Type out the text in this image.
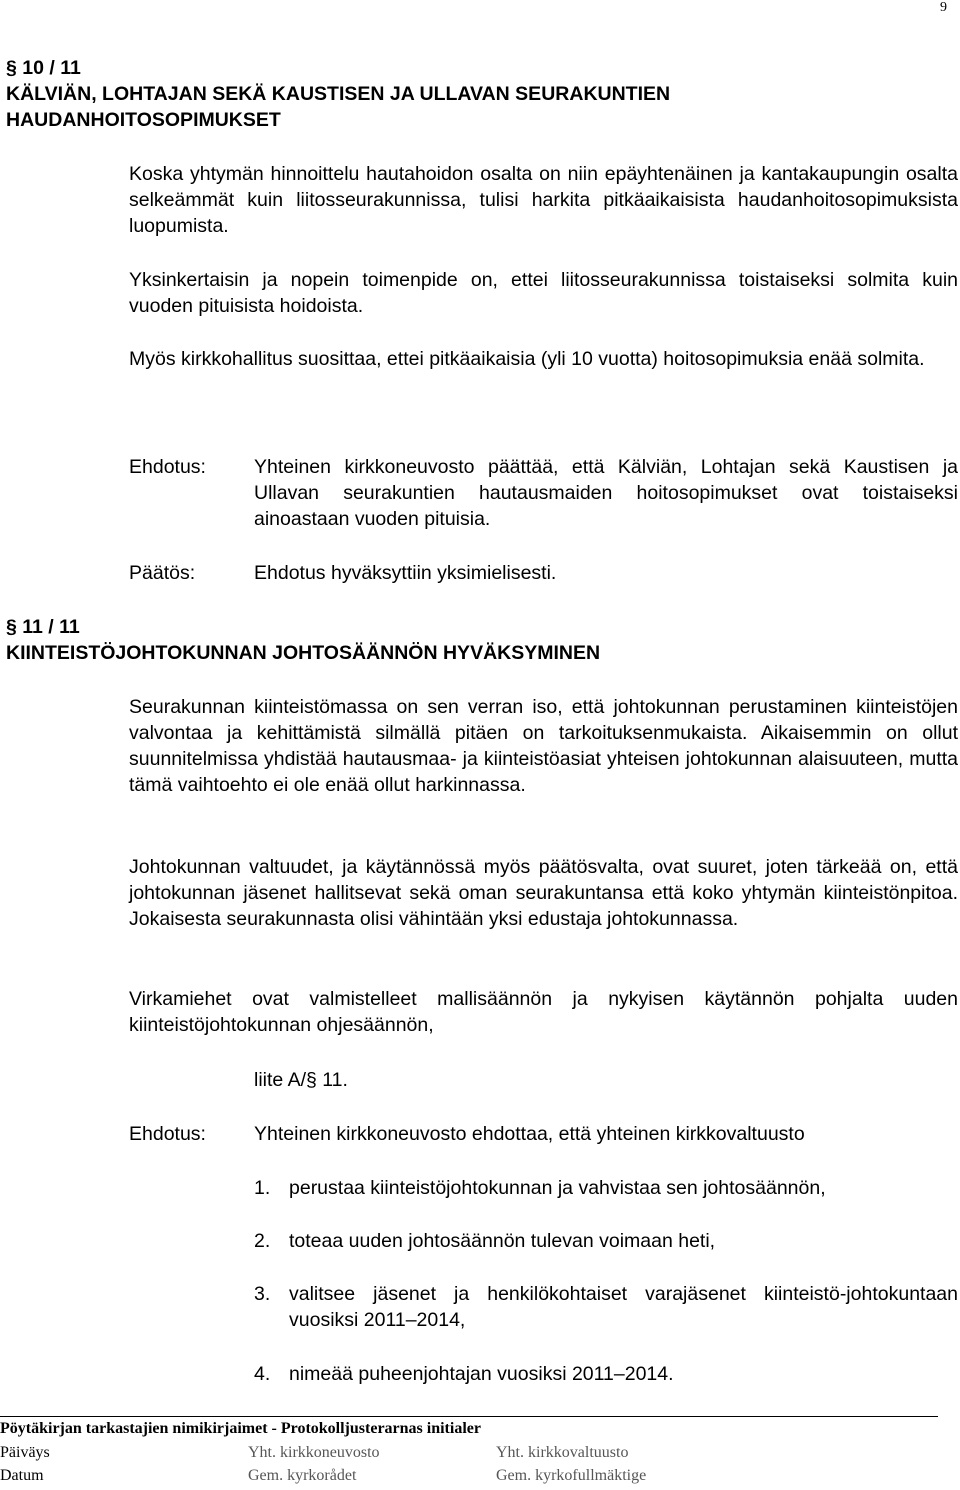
9
§ 10 / 11
KÄLVIÄN, LOHTAJAN SEKÄ KAUSTISEN JA ULLAVAN SEURAKUNTIEN
HAUDANHOITOSOPIMUKSET
Koska yhtymän hinnoittelu hautahoidon osalta on niin epäyhtenäinen ja kantakaupungin osalta selkeämmät kuin liitosseurakunnissa, tulisi harkita pitkäaikaisista haudanhoitosopimuksista luopumista.
Yksinkertaisin ja nopein toimenpide on, ettei liitosseurakunnissa toistaiseksi solmita kuin vuoden pituisista hoidoista.
Myös kirkkohallitus suosittaa, ettei pitkäaikaisia (yli 10 vuotta) hoitosopimuksia enää solmita.
Ehdotus: Yhteinen kirkkoneuvosto päättää, että Kälviän, Lohtajan sekä Kaustisen ja Ullavan seurakuntien hautausmaiden hoitosopimukset ovat toistaiseksi ainoastaan vuoden pituisia.
Päätös:	Ehdotus hyväksyttiin yksimielisesti.
§ 11 / 11
KIINTEISTÖJOHTOKUNNAN JOHTOSÄÄNNÖN HYVÄKSYMINEN
Seurakunnan kiinteistömassa on sen verran iso, että johtokunnan perustaminen kiinteistöjen valvontaa ja kehittämistä silmällä pitäen on tarkoituksenmukaista. Aikaisemmin on ollut suunnitelmissa yhdistää hautausmaa- ja kiinteistöasiat yhteisen johtokunnan alaisuuteen, mutta tämä vaihtoehto ei ole enää ollut harkinnassa.
Johtokunnan valtuudet, ja käytännössä myös päätösvalta, ovat suuret, joten tärkeää on, että johtokunnan jäsenet hallitsevat sekä oman seurakuntansa että koko yhtymän kiinteistönpitoa. Jokaisesta seurakunnasta olisi vähintään yksi edustaja johtokunnassa.
Virkamiehet ovat valmistelleet mallisäännön ja nykyisen käytännön pohjalta uuden kiinteistöjohtokunnan ohjesäännön,
liite A/§ 11.
Ehdotus: Yhteinen kirkkoneuvosto ehdottaa, että yhteinen kirkkovaltuusto
1. perustaa kiinteistöjohtokunnan ja vahvistaa sen johtosäännön,
2. toteaa uuden johtosäännön tulevan voimaan heti,
3. valitsee jäsenet ja henkilökohtaiset varajäsenet kiinteistö-johtokuntaan vuosiksi 2011–2014,
4. nimeää puheenjohtajan vuosiksi 2011–2014.
Pöytäkirjan tarkastajien nimikirjaimet - Protokolljusterarnas initialer
Päiväys
Datum
Yht. kirkkoneuvosto
Gem. kyrkorådet
Yht. kirkkovaltuusto
Gem. kyrkofullmäktige
